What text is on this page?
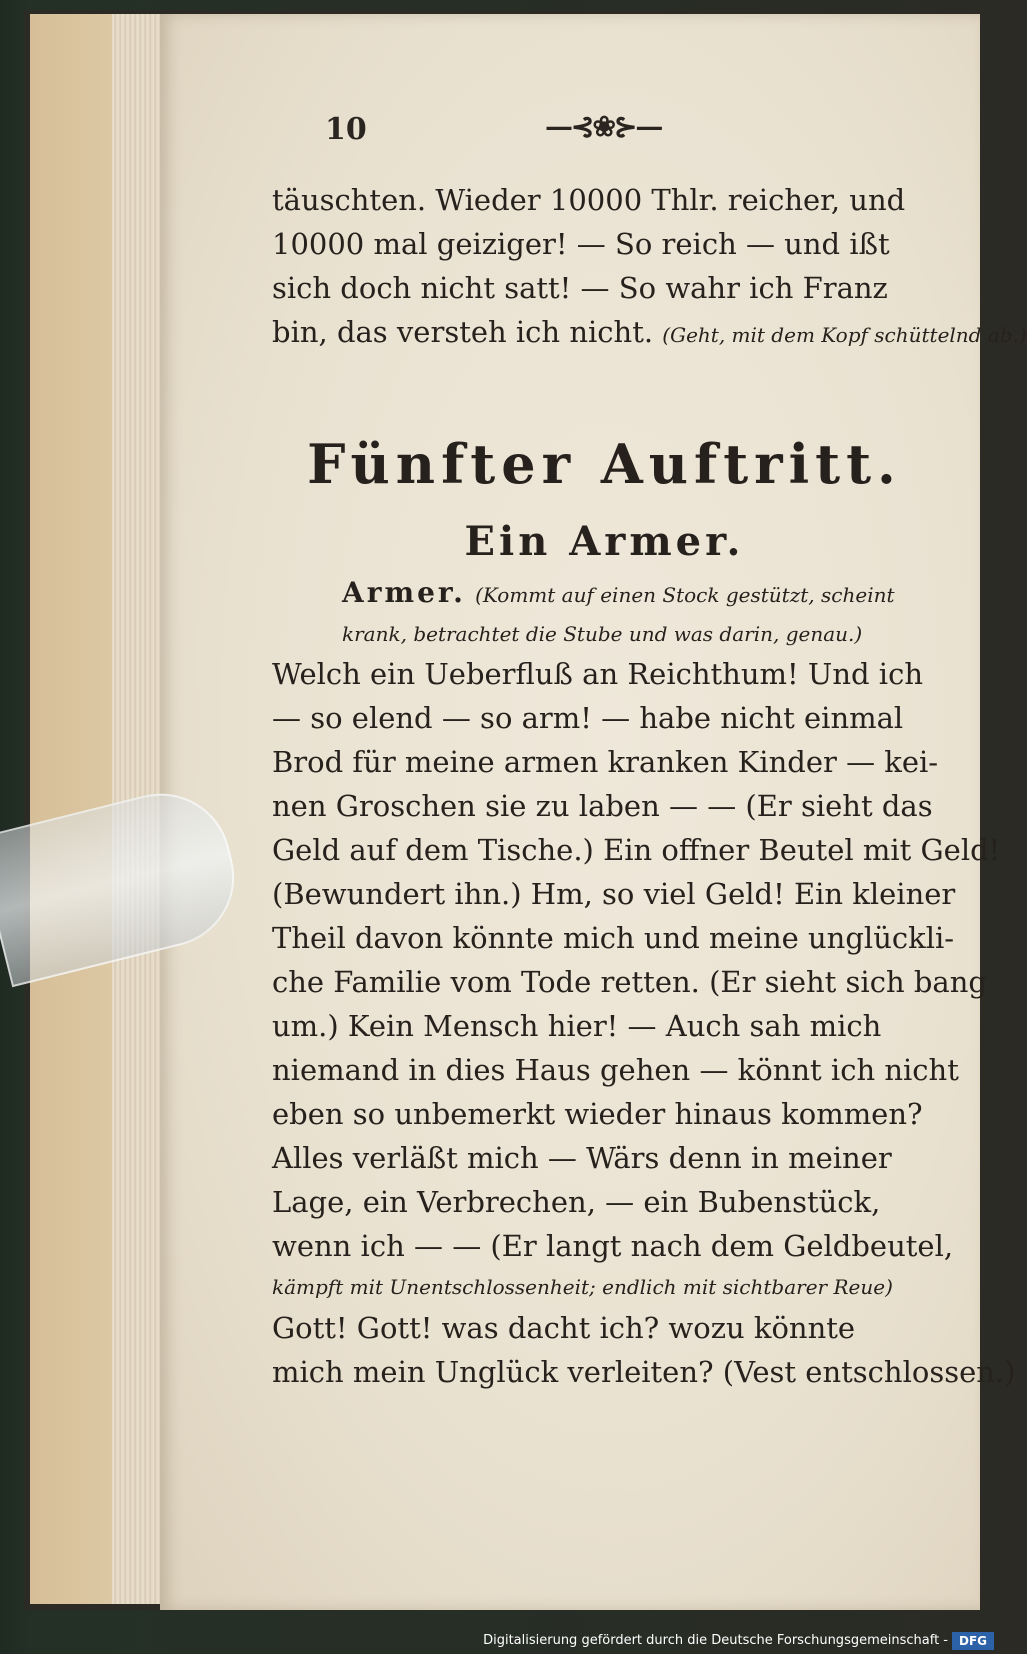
10	—⊰❀⊱—
täuschten. Wieder 10000 Thlr. reicher, und
10000 mal geiziger! — So reich — und ißt
sich doch nicht satt! — So wahr ich Franz
bin, das versteh ich nicht. (Geht, mit dem Kopf schüttelnd ab.)
Fünfter Auftritt.
Ein Armer.
Armer. (Kommt auf einen Stock gestützt, scheint krank, betrachtet die Stube und was darin, genau.)
Welch ein Ueberfluß an Reichthum! Und ich
— so elend — so arm! — habe nicht einmal
Brod für meine armen kranken Kinder — kei-
nen Groschen sie zu laben — — (Er sieht das
Geld auf dem Tische.) Ein offner Beutel mit Geld!
(Bewundert ihn.) Hm, so viel Geld! Ein kleiner
Theil davon könnte mich und meine unglückli-
che Familie vom Tode retten. (Er sieht sich bang
um.) Kein Mensch hier! — Auch sah mich
niemand in dies Haus gehen — könnt ich nicht
eben so unbemerkt wieder hinaus kommen?
Alles verläßt mich — Wärs denn in meiner
Lage, ein Verbrechen, — ein Bubenstück,
wenn ich — — (Er langt nach dem Geldbeutel,
kämpft mit Unentschlossenheit; endlich mit sichtbarer Reue)
Gott! Gott! was dacht ich? wozu könnte
mich mein Unglück verleiten? (Vest entschlossen.)
Digitalisierung gefördert durch die Deutsche Forschungsgemeinschaft - DFG
